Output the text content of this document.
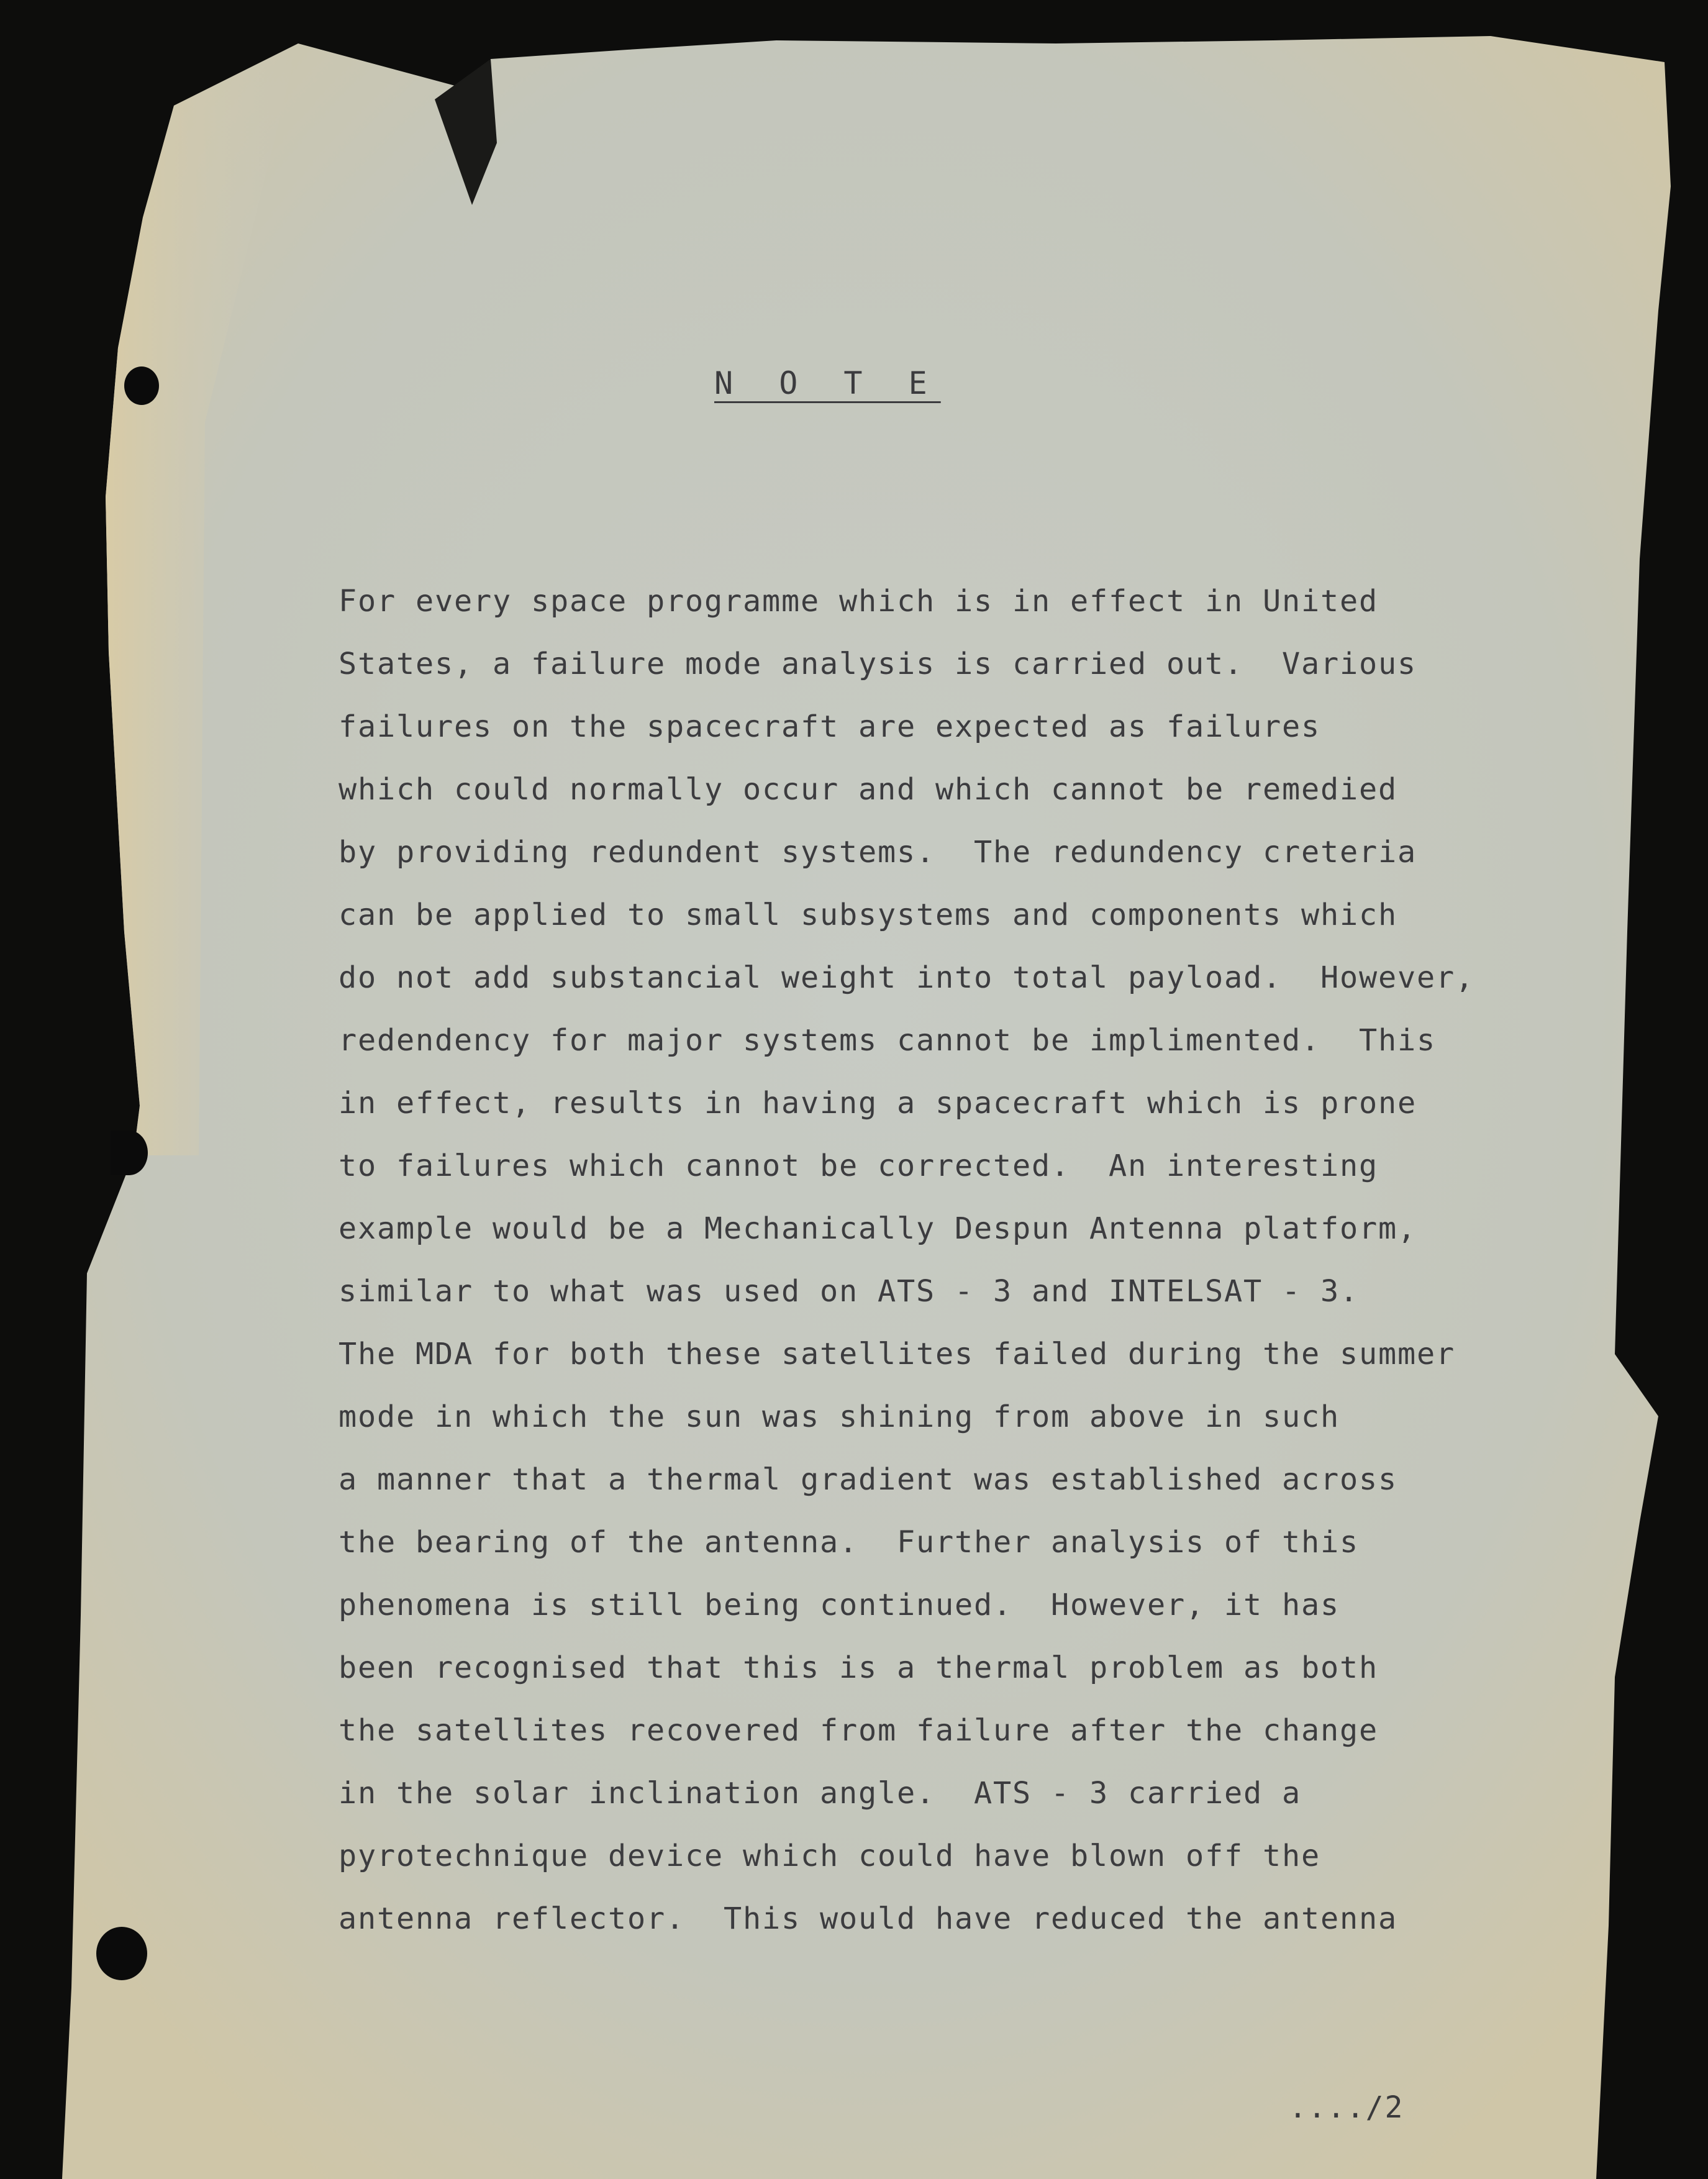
N O T E
For every space programme which is in effect in United
States, a failure mode analysis is carried out.  Various
failures on the spacecraft are expected as failures
which could normally occur and which cannot be remedied
by providing redundent systems.  The redundency creteria
can be applied to small subsystems and components which
do not add substancial weight into total payload.  However,
redendency for major systems cannot be implimented.  This
in effect, results in having a spacecraft which is prone
to failures which cannot be corrected.  An interesting
example would be a Mechanically Despun Antenna platform,
similar to what was used on ATS - 3 and INTELSAT - 3.
The MDA for both these satellites failed during the summer
mode in which the sun was shining from above in such
a manner that a thermal gradient was established across
the bearing of the antenna.  Further analysis of this
phenomena is still being continued.  However, it has
been recognised that this is a thermal problem as both
the satellites recovered from failure after the change
in the solar inclination angle.  ATS - 3 carried a
pyrotechnique device which could have blown off the
antenna reflector.  This would have reduced the antenna
..../2
